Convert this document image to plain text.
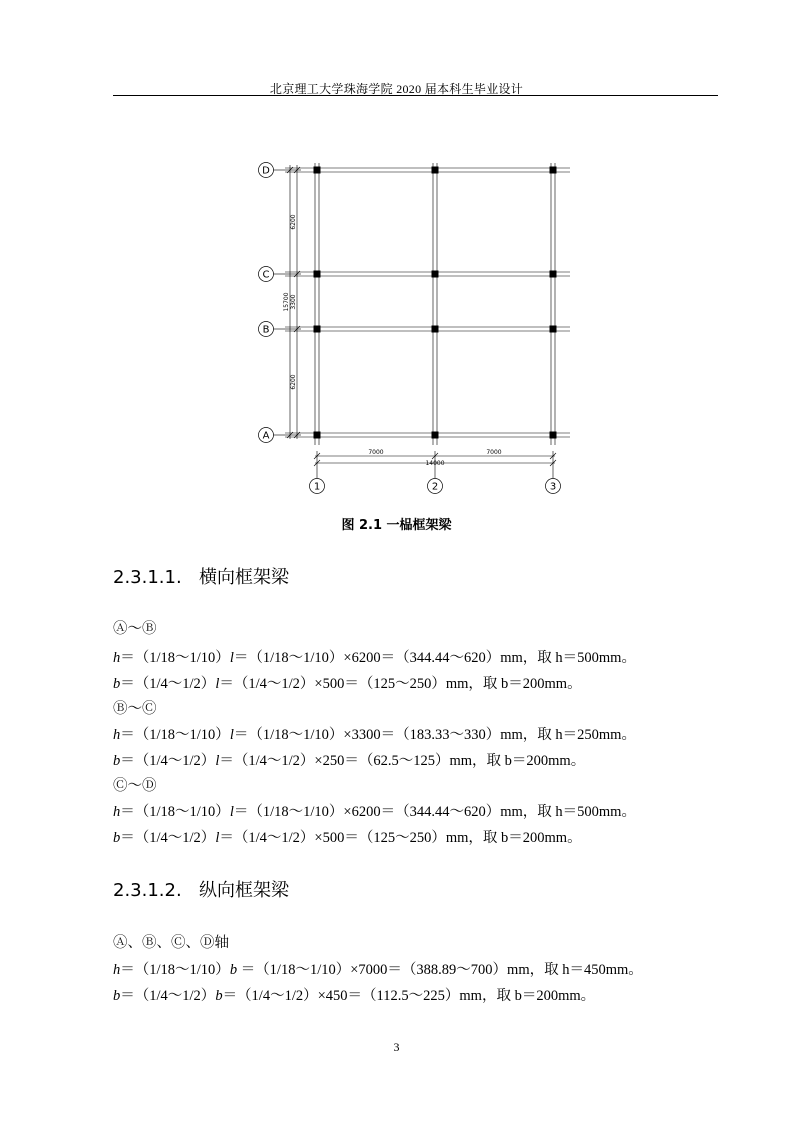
北京理工大学珠海学院 2020 届本科生毕业设计
A
B
C
D
1	2	3
6200
3300
6200
15700
7000	7000
14000
图 2.1 一榀框架梁
2.3.1.1. 横向框架梁
Ⓐ～Ⓑ
h＝（1/18～1/10）l＝（1/18～1/10）×6200＝（344.44～620）mm，取 h＝500mm。
b＝（1/4～1/2）l＝（1/4～1/2）×500＝（125～250）mm，取 b＝200mm。
Ⓑ～Ⓒ
h＝（1/18～1/10）l＝（1/18～1/10）×3300＝（183.33～330）mm，取 h＝250mm。
b＝（1/4～1/2）l＝（1/4～1/2）×250＝（62.5～125）mm，取 b＝200mm。
Ⓒ～Ⓓ
h＝（1/18～1/10）l＝（1/18～1/10）×6200＝（344.44～620）mm，取 h＝500mm。
b＝（1/4～1/2）l＝（1/4～1/2）×500＝（125～250）mm，取 b＝200mm。
2.3.1.2. 纵向框架梁
Ⓐ、Ⓑ、Ⓒ、Ⓓ轴
h＝（1/18～1/10）b ＝（1/18～1/10）×7000＝（388.89～700）mm，取 h＝450mm。
b＝（1/4～1/2）b＝（1/4～1/2）×450＝（112.5～225）mm，取 b＝200mm。
3
